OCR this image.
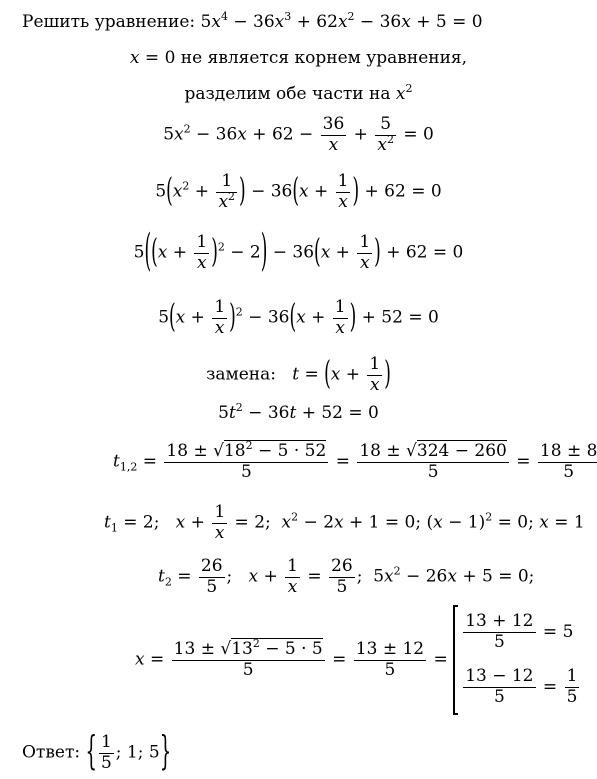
Решить уравнение: $5x^4 - 36x^3 + 62x^2 - 36x + 5 = 0$
x = 0 не является корнем уравнения,
разделим обе части на $x^2$
$5x^2 - 36x + 62 - \frac{36}{x} + \frac{5}{x^2} = 0$
$5(x^2 + \frac{1}{x^2}$ ) − $36(x + \frac{1}{x}$ ) + 62 = 0
$5((x + \frac{1}{x} )^2 - 2) - 36(x + \frac{1}{x}$ ) + 62 = 0
$5(x + \frac{1}{x} )^2 - 36(x + \frac{1}{x}$ ) + 52 = 0
замена: $t = (x + \frac{1}{x}$ )
$5t^2 - 36t + 52 = 0$
$t_{1,2} = \frac{18 \pm √18^2 - 5 \cdot 52}{5} = \frac{18 \pm √324 - 260}{5} = \frac{18 \pm 8}{5}$
$t_1 = 2$;   $x + \frac{1}{x} = 2$;  $x^2 - 2x + 1 = 0$; $(x - 1)^2 = 0$; x = 1
$t_2 = \frac{26}{5}$ ;   $x + \frac{1}{x} = \frac{26}{5}$ ;  $5x^2 - 26x + 5 = 0$;
$x = \frac{13 \pm √13^2 - 5 \cdot 5}{5} = \frac{13 \pm 12}{5}$ =
$\frac{13 + 12}{5} = 5$
$\frac{13 - 12}{5} = \frac{1}{5}$
Ответ: { $\frac{1}{5}$ ; 1; 5}
